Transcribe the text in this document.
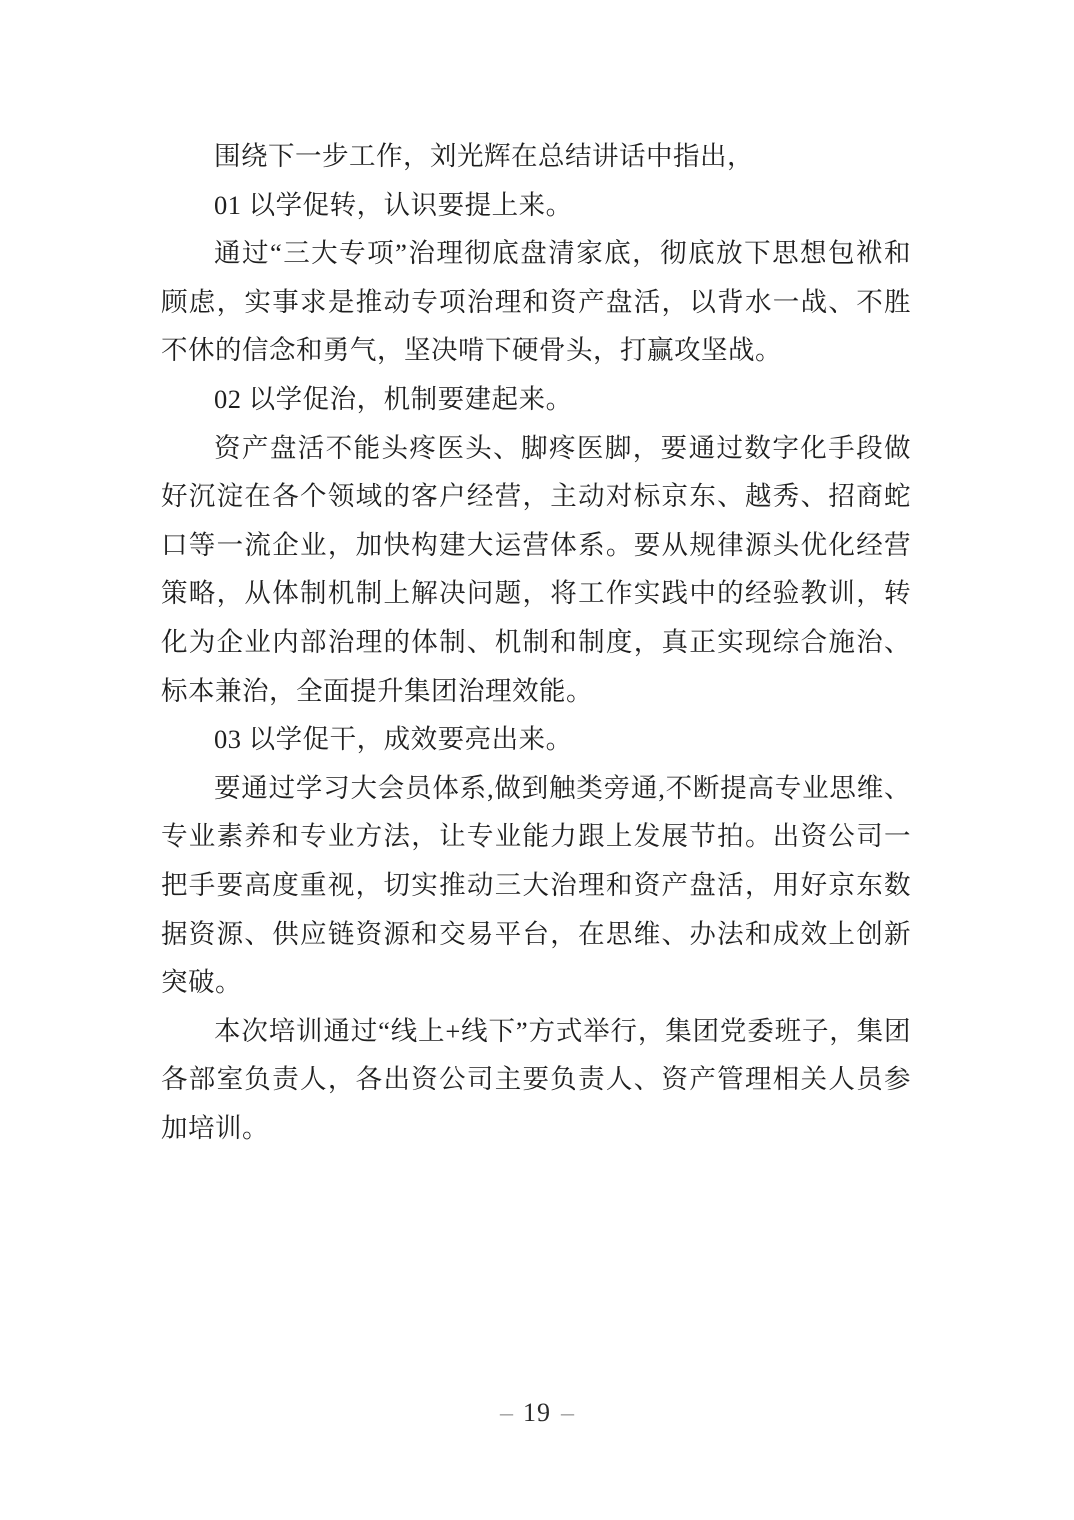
围绕下一步工作，刘光辉在总结讲话中指出，

01 以学促转，认识要提上来。

通过“三大专项”治理彻底盘清家底，彻底放下思想包袱和顾虑，实事求是推动专项治理和资产盘活，以背水一战、不胜不休的信念和勇气，坚决啃下硬骨头，打赢攻坚战。

02 以学促治，机制要建起来。

资产盘活不能头疼医头、脚疼医脚，要通过数字化手段做好沉淀在各个领域的客户经营，主动对标京东、越秀、招商蛇口等一流企业，加快构建大运营体系。要从规律源头优化经营策略，从体制机制上解决问题，将工作实践中的经验教训，转化为企业内部治理的体制、机制和制度，真正实现综合施治、标本兼治，全面提升集团治理效能。

03 以学促干，成效要亮出来。

要通过学习大会员体系,做到触类旁通,不断提高专业思维、专业素养和专业方法，让专业能力跟上发展节拍。出资公司一把手要高度重视，切实推动三大治理和资产盘活，用好京东数据资源、供应链资源和交易平台，在思维、办法和成效上创新突破。

本次培训通过“线上+线下”方式举行，集团党委班子，集团各部室负责人，各出资公司主要负责人、资产管理相关人员参加培训。

– 19 –
